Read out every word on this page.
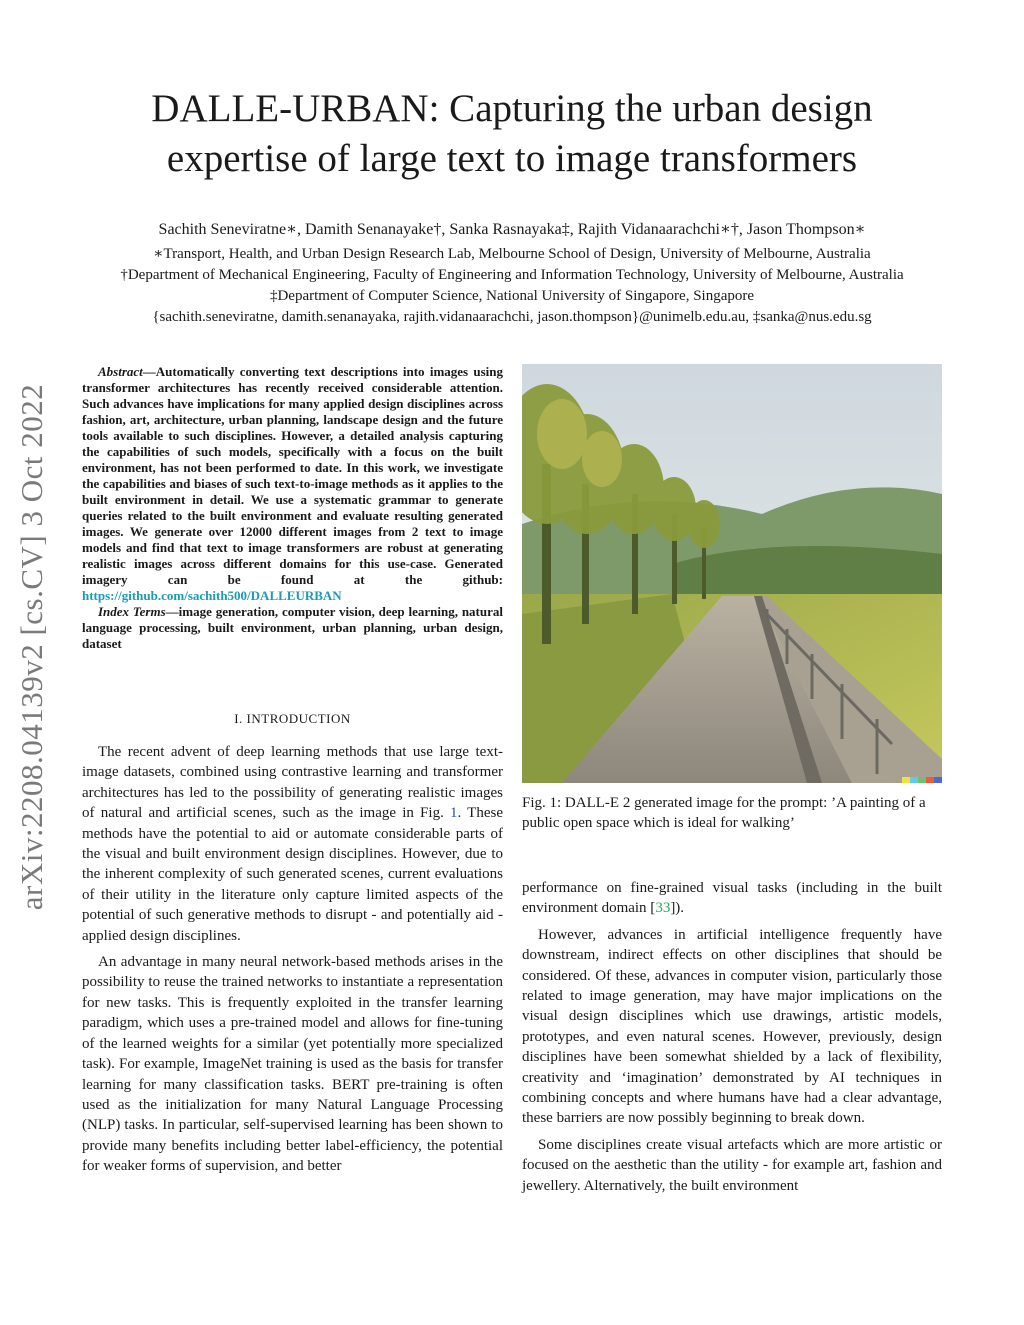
DALLE-URBAN: Capturing the urban design
expertise of large text to image transformers
Sachith Seneviratne∗, Damith Senanayake†, Sanka Rasnayaka‡, Rajith Vidanaarachchi∗†, Jason Thompson∗
∗Transport, Health, and Urban Design Research Lab, Melbourne School of Design, University of Melbourne, Australia
†Department of Mechanical Engineering, Faculty of Engineering and Information Technology, University of Melbourne, Australia
‡Department of Computer Science, National University of Singapore, Singapore
{sachith.seneviratne, damith.senanayaka, rajith.vidanaarachchi, jason.thompson}@unimelb.edu.au, ‡sanka@nus.edu.sg
arXiv:2208.04139v2 [cs.CV] 3 Oct 2022

Abstract—Automatically converting text descriptions into images using transformer architectures has recently received considerable attention. Such advances have implications for many applied design disciplines across fashion, art, architecture, urban planning, landscape design and the future tools available to such disciplines. However, a detailed analysis capturing the capabilities of such models, specifically with a focus on the built environment, has not been performed to date. In this work, we investigate the capabilities and biases of such text-to-image methods as it applies to the built environment in detail. We use a systematic grammar to generate queries related to the built environment and evaluate resulting generated images. We generate over 12000 different images from 2 text to image models and find that text to image transformers are robust at generating realistic images across different domains for this use-case. Generated imagery can be found at the github: https://github.com/sachith500/DALLEURBAN

Index Terms—image generation, computer vision, deep learning, natural language processing, built environment, urban planning, urban design, dataset

I. INTRODUCTION

The recent advent of deep learning methods that use large text-image datasets, combined using contrastive learning and transformer architectures has led to the possibility of generating realistic images of natural and artificial scenes, such as the image in Fig. 1. These methods have the potential to aid or automate considerable parts of the visual and built environment design disciplines. However, due to the inherent complexity of such generated scenes, current evaluations of their utility in the literature only capture limited aspects of the potential of such generative methods to disrupt - and potentially aid - applied design disciplines.

An advantage in many neural network-based methods arises in the possibility to reuse the trained networks to instantiate a representation for new tasks. This is frequently exploited in the transfer learning paradigm, which uses a pre-trained model and allows for fine-tuning of the learned weights for a similar (yet potentially more specialized task). For example, ImageNet training is used as the basis for transfer learning for many classification tasks. BERT pre-training is often used as the initialization for many Natural Language Processing (NLP) tasks. In particular, self-supervised learning has been shown to provide many benefits including better label-efficiency, the potential for weaker forms of supervision, and better

Fig. 1: DALL-E 2 generated image for the prompt: ’A painting of a public open space which is ideal for walking’

performance on fine-grained visual tasks (including in the built environment domain [33]).

However, advances in artificial intelligence frequently have downstream, indirect effects on other disciplines that should be considered. Of these, advances in computer vision, particularly those related to image generation, may have major implications on the visual design disciplines which use drawings, artistic models, prototypes, and even natural scenes. However, previously, design disciplines have been somewhat shielded by a lack of flexibility, creativity and ‘imagination’ demonstrated by AI techniques in combining concepts and where humans have had a clear advantage, these barriers are now possibly beginning to break down.

Some disciplines create visual artefacts which are more artistic or focused on the aesthetic than the utility - for example art, fashion and jewellery. Alternatively, the built environment
